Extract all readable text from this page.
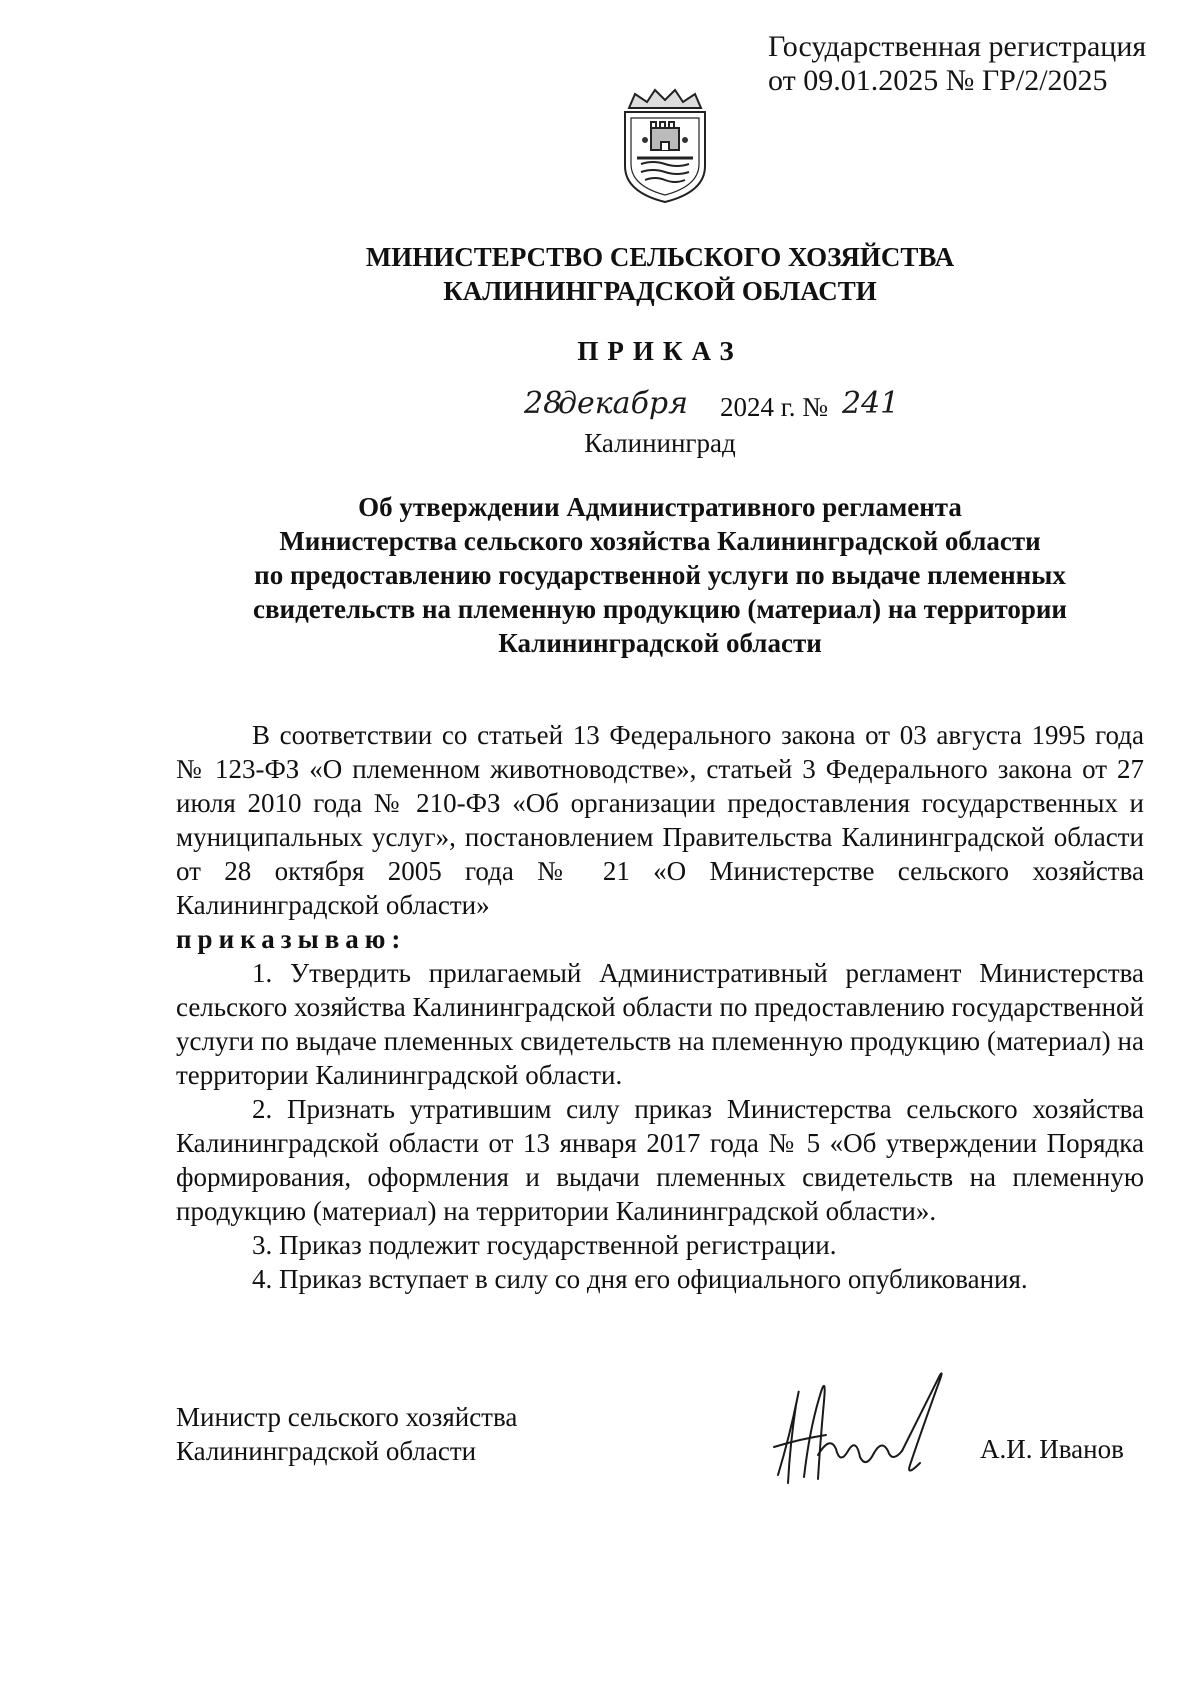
Государственная регистрация
от 09.01.2025 № ГР/2/2025
МИНИСТЕРСТВО СЕЛЬСКОГО ХОЗЯЙСТВА
КАЛИНИНГРАДСКОЙ ОБЛАСТИ
ПРИКАЗ
28
декабря 2024 г. № 241
Калининград
Об утверждении Административного регламента
Министерства сельского хозяйства Калининградской области
по предоставлению государственной услуги по выдаче племенных
свидетельств на племенную продукцию (материал) на территории
Калининградской области

В соответствии со статьей 13 Федерального закона от 03 августа 1995 года № 123-ФЗ «О племенном животноводстве», статьей 3 Федерального закона от 27 июля 2010 года № 210-ФЗ «Об организации предоставления государственных и муниципальных услуг», постановлением Правительства Калининградской области от 28 октября 2005 года № 21 «О Министерстве сельского хозяйства Калининградской области»

приказываю:

1. Утвердить прилагаемый Административный регламент Министерства сельского хозяйства Калининградской области по предоставлению государственной услуги по выдаче племенных свидетельств на племенную продукцию (материал) на территории Калининградской области.

2. Признать утратившим силу приказ Министерства сельского хозяйства Калининградской области от 13 января 2017 года № 5 «Об утверждении Порядка формирования, оформления и выдачи племенных свидетельств на племенную продукцию (материал) на территории Калининградской области».

3. Приказ подлежит государственной регистрации.

4. Приказ вступает в силу со дня его официального опубликования.

Министр сельского хозяйства
Калининградской области	А.И. Иванов
